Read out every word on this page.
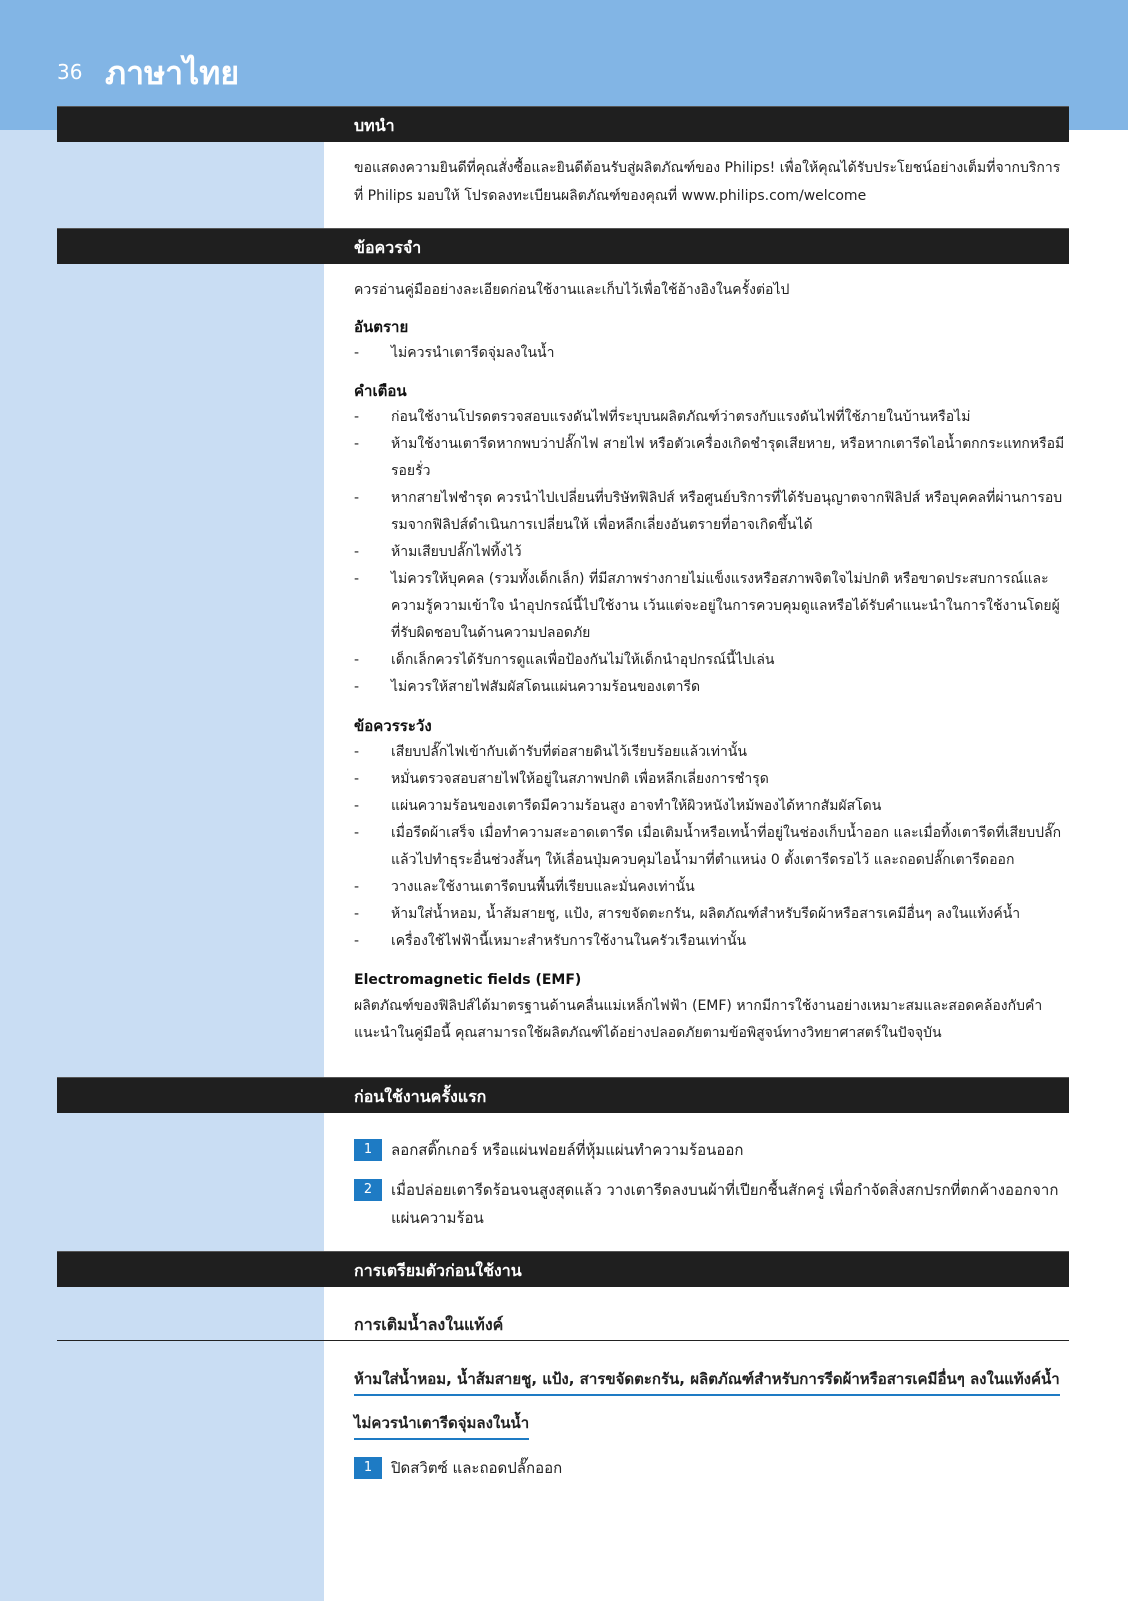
36 ภาษาไทย
บทนำ

ขอแสดงความยินดีที่คุณสั่งซื้อและยินดีต้อนรับสู่ผลิตภัณฑ์ของ Philips! เพื่อให้คุณได้รับประโยชน์อย่างเต็มที่จากบริการที่ Philips มอบให้ โปรดลงทะเบียนผลิตภัณฑ์ของคุณที่ www.philips.com/welcome

ข้อควรจำ

ควรอ่านคู่มืออย่างละเอียดก่อนใช้งานและเก็บไว้เพื่อใช้อ้างอิงในครั้งต่อไป

อันตราย
- ไม่ควรนำเตารีดจุ่มลงในน้ำ
คำเตือน
- ก่อนใช้งานโปรดตรวจสอบแรงดันไฟที่ระบุบนผลิตภัณฑ์ว่าตรงกับแรงดันไฟที่ใช้ภายในบ้านหรือไม่
- ห้ามใช้งานเตารีดหากพบว่าปลั๊กไฟ สายไฟ หรือตัวเครื่องเกิดชำรุดเสียหาย, หรือหากเตารีดไอน้ำตกกระแทกหรือมีรอยรั่ว
- หากสายไฟชำรุด ควรนำไปเปลี่ยนที่บริษัทฟิลิปส์ หรือศูนย์บริการที่ได้รับอนุญาตจากฟิลิปส์ หรือบุคคลที่ผ่านการอบรมจากฟิลิปส์ดำเนินการเปลี่ยนให้ เพื่อหลีกเลี่ยงอันตรายที่อาจเกิดขึ้นได้
- ห้ามเสียบปลั๊กไฟทิ้งไว้
- ไม่ควรให้บุคคล (รวมทั้งเด็กเล็ก) ที่มีสภาพร่างกายไม่แข็งแรงหรือสภาพจิตใจไม่ปกติ หรือขาดประสบการณ์และความรู้ความเข้าใจ นำอุปกรณ์นี้ไปใช้งาน เว้นแต่จะอยู่ในการควบคุมดูแลหรือได้รับคำแนะนำในการใช้งานโดยผู้ที่รับผิดชอบในด้านความปลอดภัย
- เด็กเล็กควรได้รับการดูแลเพื่อป้องกันไม่ให้เด็กนำอุปกรณ์นี้ไปเล่น
- ไม่ควรให้สายไฟสัมผัสโดนแผ่นความร้อนของเตารีด
ข้อควรระวัง
- เสียบปลั๊กไฟเข้ากับเต้ารับที่ต่อสายดินไว้เรียบร้อยแล้วเท่านั้น
- หมั่นตรวจสอบสายไฟให้อยู่ในสภาพปกติ เพื่อหลีกเลี่ยงการชำรุด
- แผ่นความร้อนของเตารีดมีความร้อนสูง อาจทำให้ผิวหนังไหม้พองได้หากสัมผัสโดน
- เมื่อรีดผ้าเสร็จ เมื่อทำความสะอาดเตารีด เมื่อเติมน้ำหรือเทน้ำที่อยู่ในช่องเก็บน้ำออก และเมื่อทิ้งเตารีดที่เสียบปลั๊กแล้วไปทำธุระอื่นช่วงสั้นๆ ให้เลื่อนปุ่มควบคุมไอน้ำมาที่ตำแหน่ง 0 ตั้งเตารีดรอไว้ และถอดปลั๊กเตารีดออก
- วางและใช้งานเตารีดบนพื้นที่เรียบและมั่นคงเท่านั้น
- ห้ามใส่น้ำหอม, น้ำส้มสายชู, แป้ง, สารขจัดตะกรัน, ผลิตภัณฑ์สำหรับรีดผ้าหรือสารเคมีอื่นๆ ลงในแท้งค์น้ำ
- เครื่องใช้ไฟฟ้านี้เหมาะสำหรับการใช้งานในครัวเรือนเท่านั้น
Electromagnetic fields (EMF)

ผลิตภัณฑ์ของฟิลิปส์ได้มาตรฐานด้านคลื่นแม่เหล็กไฟฟ้า (EMF) หากมีการใช้งานอย่างเหมาะสมและสอดคล้องกับคำแนะนำในคู่มือนี้ คุณสามารถใช้ผลิตภัณฑ์ได้อย่างปลอดภัยตามข้อพิสูจน์ทางวิทยาศาสตร์ในปัจจุบัน

ก่อนใช้งานครั้งแรก
1	ลอกสติ๊กเกอร์ หรือแผ่นฟอยล์ที่หุ้มแผ่นทำความร้อนออก
2	เมื่อปล่อยเตารีดร้อนจนสูงสุดแล้ว วางเตารีดลงบนผ้าที่เปียกชื้นสักครู่ เพื่อกำจัดสิ่งสกปรกที่ตกค้างออกจากแผ่นความร้อน
การเตรียมตัวก่อนใช้งาน
การเติมน้ำลงในแท้งค์
ห้ามใส่น้ำหอม, น้ำส้มสายชู, แป้ง, สารขจัดตะกรัน, ผลิตภัณฑ์สำหรับการรีดผ้าหรือสารเคมีอื่นๆ ลงในแท้งค์น้ำ
ไม่ควรนำเตารีดจุ่มลงในน้ำ
1	ปิดสวิตซ์ และถอดปลั๊กออก
